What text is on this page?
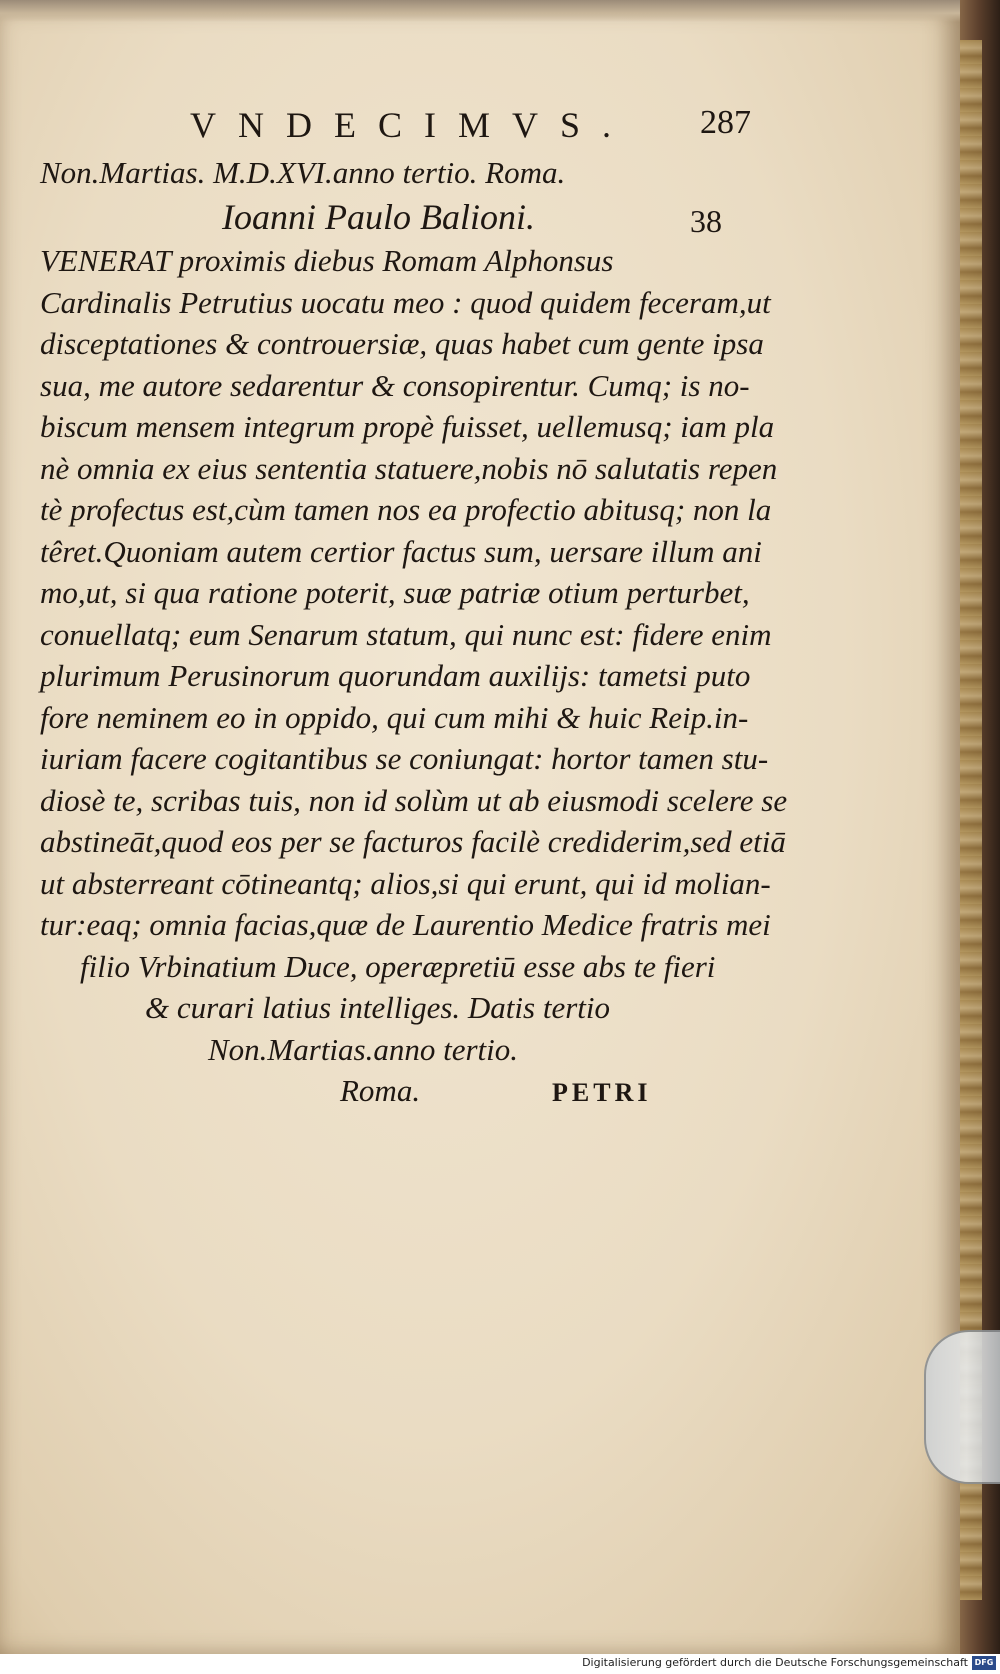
VNDECIMVS. 287
Non.Martias. M.D.XVI.anno tertio. Roma.
Ioanni Paulo Balioni.	38
VENERAT proximis diebus Romam Alphonsus
Cardinalis Petrutius uocatu meo : quod quidem feceram,ut
disceptationes & controuersiæ, quas habet cum gente ipsa
sua, me autore sedarentur & consopirentur. Cumq; is no-
biscum mensem integrum propè fuisset, uellemusq; iam pla
nè omnia ex eius sententia statuere,nobis nō salutatis repen
tè profectus est,cùm tamen nos ea profectio abitusq; non la
têret.Quoniam autem certior factus sum, uersare illum ani
mo,ut, si qua ratione poterit, suæ patriæ otium perturbet,
conuellatq; eum Senarum statum, qui nunc est: fidere enim
plurimum Perusinorum quorundam auxilijs: tametsi puto
fore neminem eo in oppido, qui cum mihi & huic Reip.in-
iuriam facere cogitantibus se coniungat: hortor tamen stu-
diosè te, scribas tuis, non id solùm ut ab eiusmodi scelere se
abstineāt,quod eos per se facturos facilè crediderim,sed etiā
ut absterreant cōtineantq; alios,si qui erunt, qui id molian-
tur:eaq; omnia facias,quæ de Laurentio Medice fratris mei
filio Vrbinatium Duce, operæpretiū esse abs te fieri
& curari latius intelliges. Datis tertio
Non.Martias.anno tertio.
Roma.	PETRI
Digitalisierung gefördert durch die Deutsche Forschungsgemeinschaft DFG
